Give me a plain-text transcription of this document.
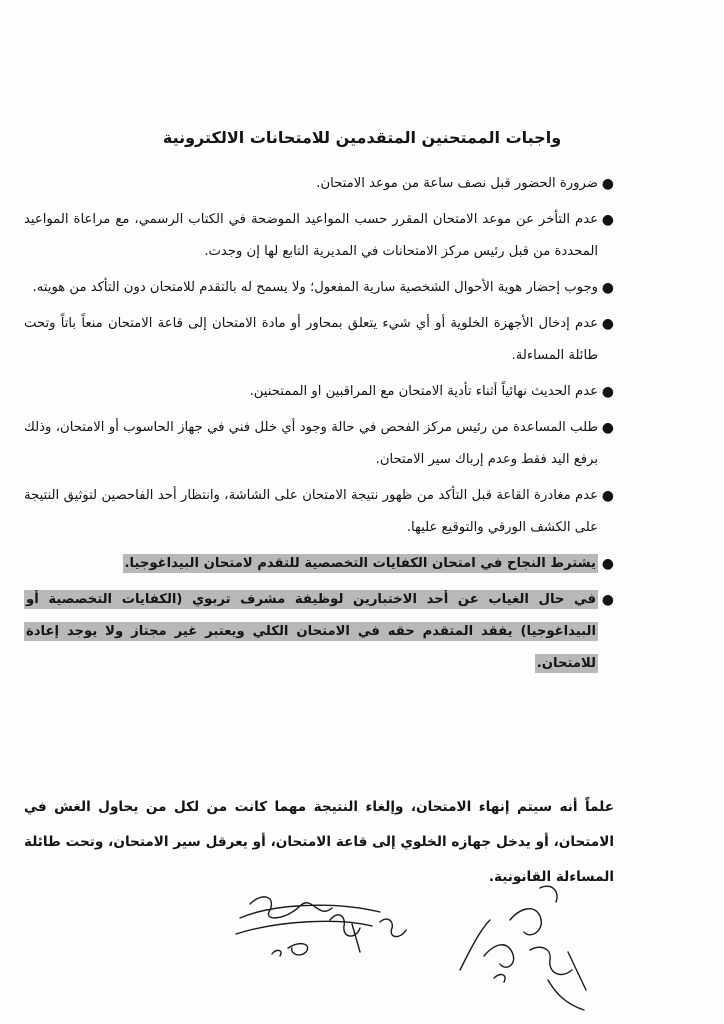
واجبات الممتحنين المتقدمين للامتحانات الالكترونية
●
ضرورة الحضور قبل نصف ساعة من موعد الامتحان.
●
عدم التأخر عن موعد الامتحان المقرر حسب المواعيد الموضحة في الكتاب الرسمي، مع مراعاة المواعيد المحددة من قبل رئيس مركز الامتحانات في المديرية التابع لها إن وجدت.
●
وجوب إحضار هوية الأحوال الشخصية سارية المفعول؛ ولا يسمح له بالتقدم للامتحان دون التأكد من هويته.
●
عدم إدخال الأجهزة الخلوية أو أي شيء يتعلق بمحاور أو مادة الامتحان إلى قاعة الامتحان منعاً باتاً وتحت طائلة المساءلة.
●
عدم الحديث نهائياً أثناء تأدية الامتحان مع المراقبين او الممتحنين.
●
طلب المساعدة من رئيس مركز الفحص في حالة وجود أي خلل فني في جهاز الحاسوب أو الامتحان، وذلك برفع اليد فقط وعدم إرباك سير الامتحان.
●
عدم مغادرة القاعة قبل التأكد من ظهور نتيجة الامتحان على الشاشة، وانتظار أحد الفاحصين لتوثيق النتيجة على الكشف الورقي والتوقيع عليها.
●
يشترط النجاح في امتحان الكفايات التخصصية للتقدم لامتحان البيداغوجيا.
●
في حال الغياب عن أحد الاختبارين لوظيفة مشرف تربوي (الكفايات التخصصية أو البيداغوجيا) يفقد المتقدم حقه في الامتحان الكلي ويعتبر غير مجتاز ولا يوجد إعادة للامتحان.
علماً أنه سيتم إنهاء الامتحان، وإلغاء النتيجة مهما كانت من لكل من يحاول الغش في الامتحان، أو يدخل جهازه الخلوي إلى قاعة الامتحان، أو يعرقل سير الامتحان، وتحت طائلة المساءلة القانونية.
